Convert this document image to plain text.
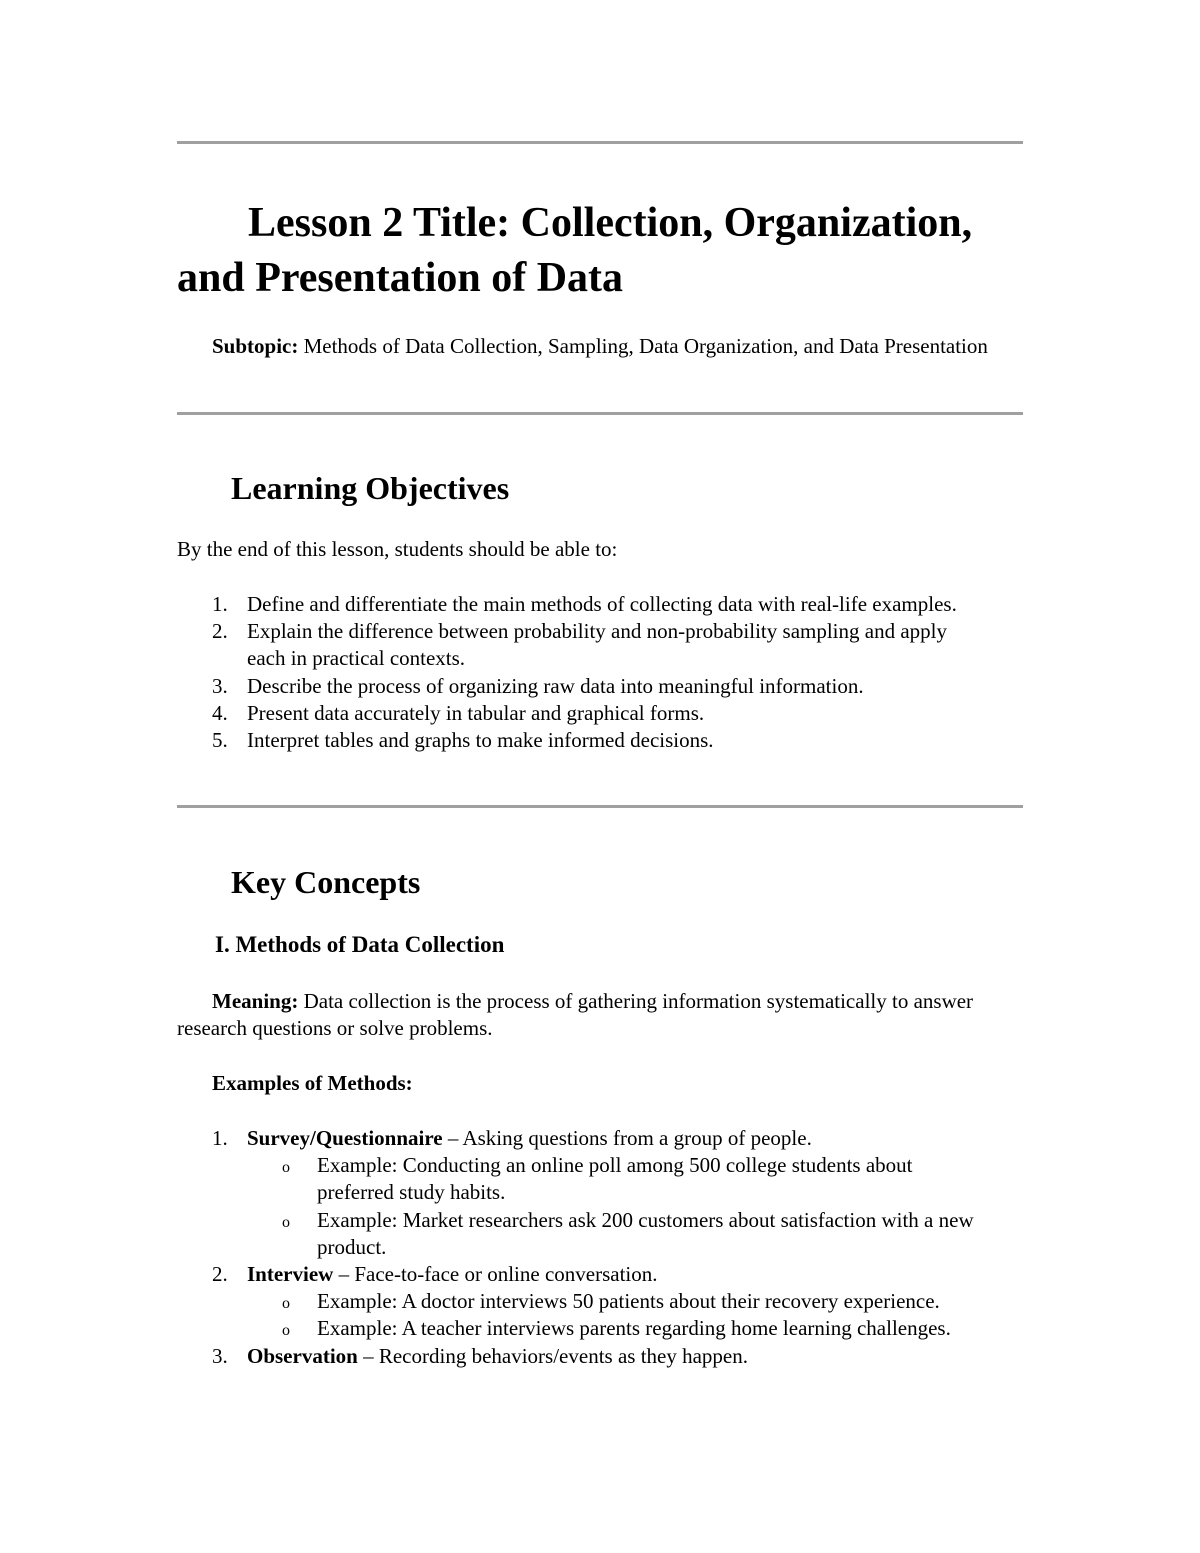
Lesson 2 Title: Collection, Organization, and Presentation of Data

Subtopic: Methods of Data Collection, Sampling, Data Organization, and Data Presentation

Learning Objectives

By the end of this lesson, students should be able to:

1. Define and differentiate the main methods of collecting data with real-life examples.
2. Explain the difference between probability and non-probability sampling and apply each in practical contexts.
3. Describe the process of organizing raw data into meaningful information.
4. Present data accurately in tabular and graphical forms.
5. Interpret tables and graphs to make informed decisions.
Key Concepts
I. Methods of Data Collection

Meaning: Data collection is the process of gathering information systematically to answer research questions or solve problems.

Examples of Methods:

1. Survey/Questionnaire – Asking questions from a group of people.
o Example: Conducting an online poll among 500 college students about preferred study habits.
o Example: Market researchers ask 200 customers about satisfaction with a new product.
2. Interview – Face-to-face or online conversation.
o Example: A doctor interviews 50 patients about their recovery experience.
o Example: A teacher interviews parents regarding home learning challenges.
3. Observation – Recording behaviors/events as they happen.
